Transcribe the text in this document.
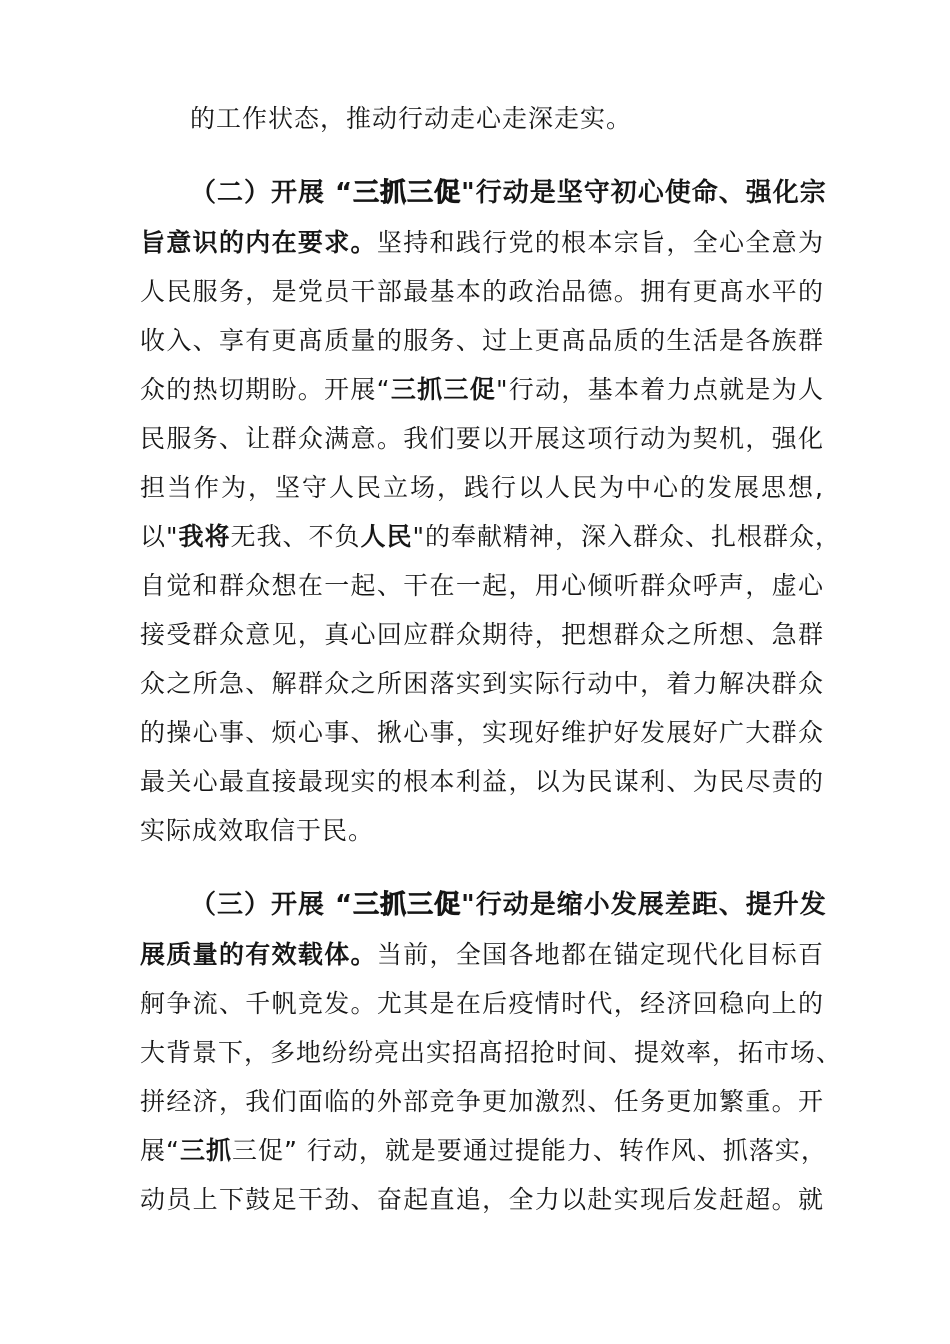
的工作状态，推动行动走心走深走实。
（二）开展 “三抓三促"行动是坚守初心使命、强化宗
旨意识的内在要求。坚持和践行党的根本宗旨，全心全意为
人民服务，是党员干部最基本的政治品德。拥有更髙水平的
收入、享有更髙质量的服务、过上更髙品质的生活是各族群
众的热切期盼。开展“三抓三促"行动，基本着力点就是为人
民服务、让群众满意。我们要以开展这项行动为契机，强化
担当作为，坚守人民立场，践行以人民为中心的发展思想,
以"我将无我、不负人民"的奉献精神，深入群众、扎根群众，
自觉和群众想在一起、干在一起，用心倾听群众呼声，虚心
接受群众意见，真心回应群众期待，把想群众之所想、急群
众之所急、解群众之所困落实到实际行动中，着力解决群众
的操心事、烦心事、揪心事，实现好维护好发展好广大群众
最关心最直接最现实的根本利益，以为民谋利、为民尽责的
实际成效取信于民。
（三）开展 “三抓三促"行动是缩小发展差距、提升发
展质量的有效载体。当前，全国各地都在锚定现代化目标百
舸争流、千帆竞发。尤其是在后疫情时代，经济回稳向上的
大背景下，多地纷纷亮出实招髙招抢时间、提效率，拓市场、
拼经济，我们面临的外部竞争更加激烈、任务更加繁重。开
展“三抓三促” 行动，就是要通过提能力、转作风、抓落实，
动员上下鼓足干劲、奋起直追，全力以赴实现后发赶超。就
